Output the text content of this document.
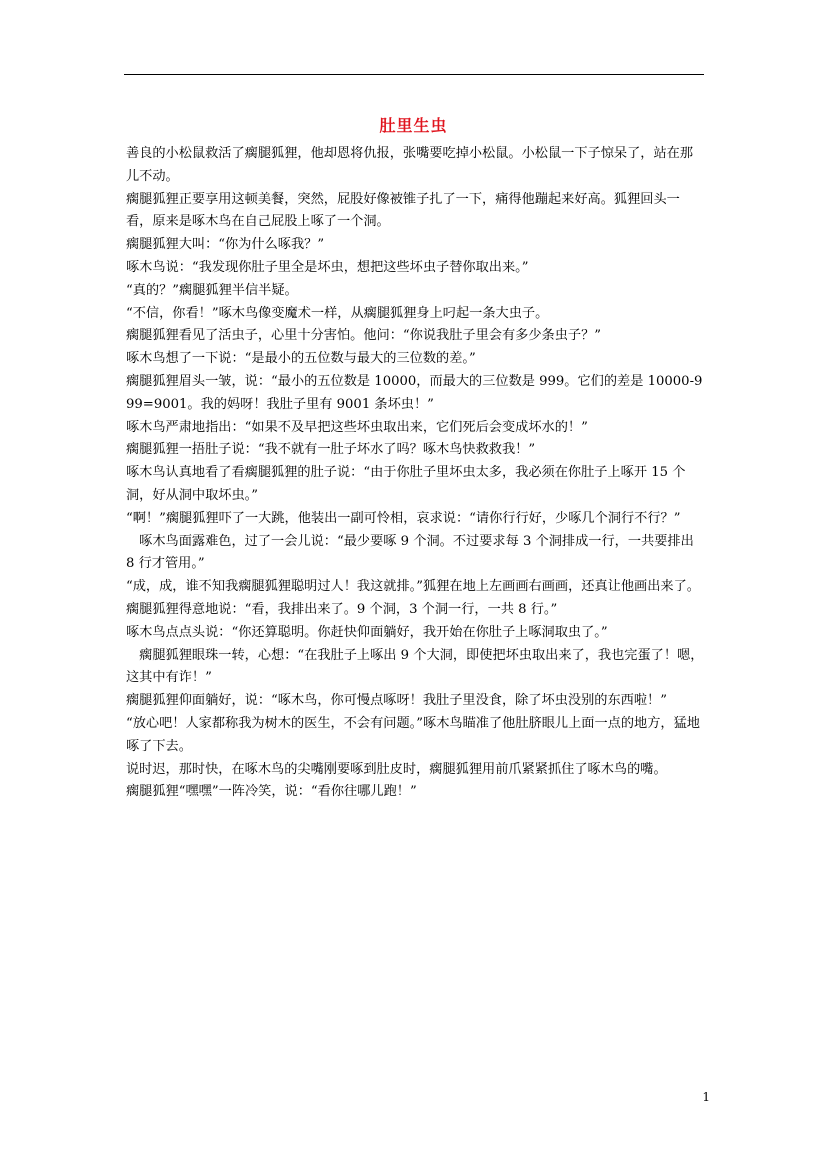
肚里生虫

善良的小松鼠救活了瘸腿狐狸，他却恩将仇报，张嘴要吃掉小松鼠。小松鼠一下子惊呆了，站在那儿不动。

瘸腿狐狸正要享用这顿美餐，突然，屁股好像被锥子扎了一下，痛得他蹦起来好高。狐狸回头一看，原来是啄木鸟在自己屁股上啄了一个洞。

瘸腿狐狸大叫：“你为什么啄我？”

啄木鸟说：“我发现你肚子里全是坏虫，想把这些坏虫子替你取出来。”

“真的？”瘸腿狐狸半信半疑。

“不信，你看！”啄木鸟像变魔术一样，从瘸腿狐狸身上叼起一条大虫子。

瘸腿狐狸看见了活虫子，心里十分害怕。他问：“你说我肚子里会有多少条虫子？”

啄木鸟想了一下说：“是最小的五位数与最大的三位数的差。”

瘸腿狐狸眉头一皱，说：“最小的五位数是 10000，而最大的三位数是 999。它们的差是 10000-999=9001。我的妈呀！我肚子里有 9001 条坏虫！”

啄木鸟严肃地指出：“如果不及早把这些坏虫取出来，它们死后会变成坏水的！”

瘸腿狐狸一捂肚子说：“我不就有一肚子坏水了吗？啄木鸟快救救我！”

啄木鸟认真地看了看瘸腿狐狸的肚子说：“由于你肚子里坏虫太多，我必须在你肚子上啄开 15 个洞，好从洞中取坏虫。”

“啊！”瘸腿狐狸吓了一大跳，他装出一副可怜相，哀求说：“请你行行好，少啄几个洞行不行？”

　啄木鸟面露难色，过了一会儿说：“最少要啄 9 个洞。不过要求每 3 个洞排成一行，一共要排出 8 行才管用。”

“成，成，谁不知我瘸腿狐狸聪明过人！我这就排。”狐狸在地上左画画右画画，还真让他画出来了。

瘸腿狐狸得意地说：“看，我排出来了。9 个洞，3 个洞一行，一共 8 行。”

啄木鸟点点头说：“你还算聪明。你赶快仰面躺好，我开始在你肚子上啄洞取虫了。”

　瘸腿狐狸眼珠一转，心想：“在我肚子上啄出 9 个大洞，即使把坏虫取出来了，我也完蛋了！嗯，这其中有诈！”

瘸腿狐狸仰面躺好，说：“啄木鸟，你可慢点啄呀！我肚子里没食，除了坏虫没别的东西啦！”

“放心吧！人家都称我为树木的医生，不会有问题。”啄木鸟瞄准了他肚脐眼儿上面一点的地方，猛地啄了下去。

说时迟，那时快，在啄木鸟的尖嘴刚要啄到肚皮时，瘸腿狐狸用前爪紧紧抓住了啄木鸟的嘴。

瘸腿狐狸“嘿嘿”一阵冷笑，说：“看你往哪儿跑！”

1
